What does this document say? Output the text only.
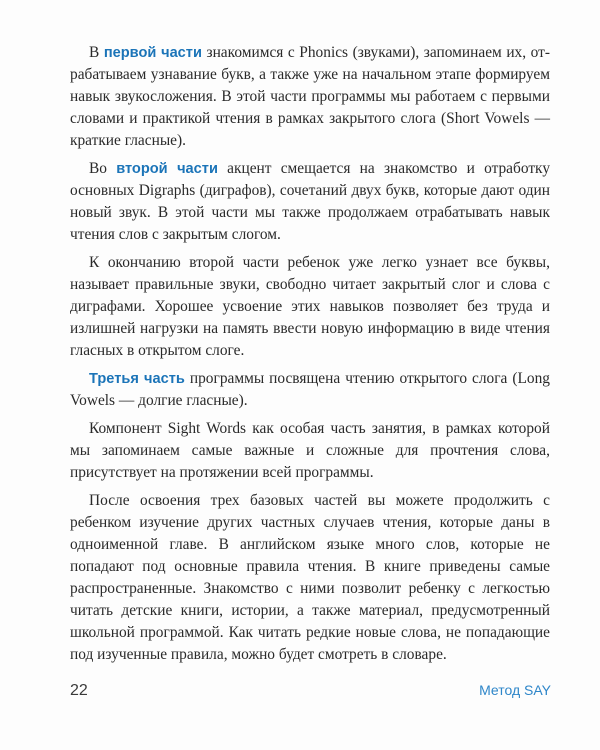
В первой части знакомимся с Phonics (звуками), запоминаем их, отрабатываем узнавание букв, а также уже на начальном этапе формируем навык звукосложения. В этой части программы мы работаем с первыми словами и практикой чтения в рамках закрытого слога (Short Vowels — краткие гласные).

Во второй части акцент смещается на знакомство и отработку основных Digraphs (диграфов), сочетаний двух букв, которые дают один новый звук. В этой части мы также продолжаем отрабатывать навык чтения слов с закрытым слогом.

К окончанию второй части ребенок уже легко узнает все буквы, называет правильные звуки, свободно читает закрытый слог и слова с диграфами. Хорошее усвоение этих навыков позволяет без труда и излишней нагрузки на память ввести новую информацию в виде чтения гласных в открытом слоге.

Третья часть программы посвящена чтению открытого слога (Long Vowels — долгие гласные).

Компонент Sight Words как особая часть занятия, в рамках которой мы запоминаем самые важные и сложные для прочтения слова, присутствует на протяжении всей программы.

После освоения трех базовых частей вы можете продолжить с ребенком изучение других частных случаев чтения, которые даны в одноименной главе. В английском языке много слов, которые не попадают под основные правила чтения. В книге приведены самые распространенные. Знакомство с ними позволит ребенку с легкостью читать детские книги, истории, а также материал, предусмотренный школьной программой. Как читать редкие новые слова, не попадающие под изученные правила, можно будет смотреть в словаре.

22	Метод SAY
